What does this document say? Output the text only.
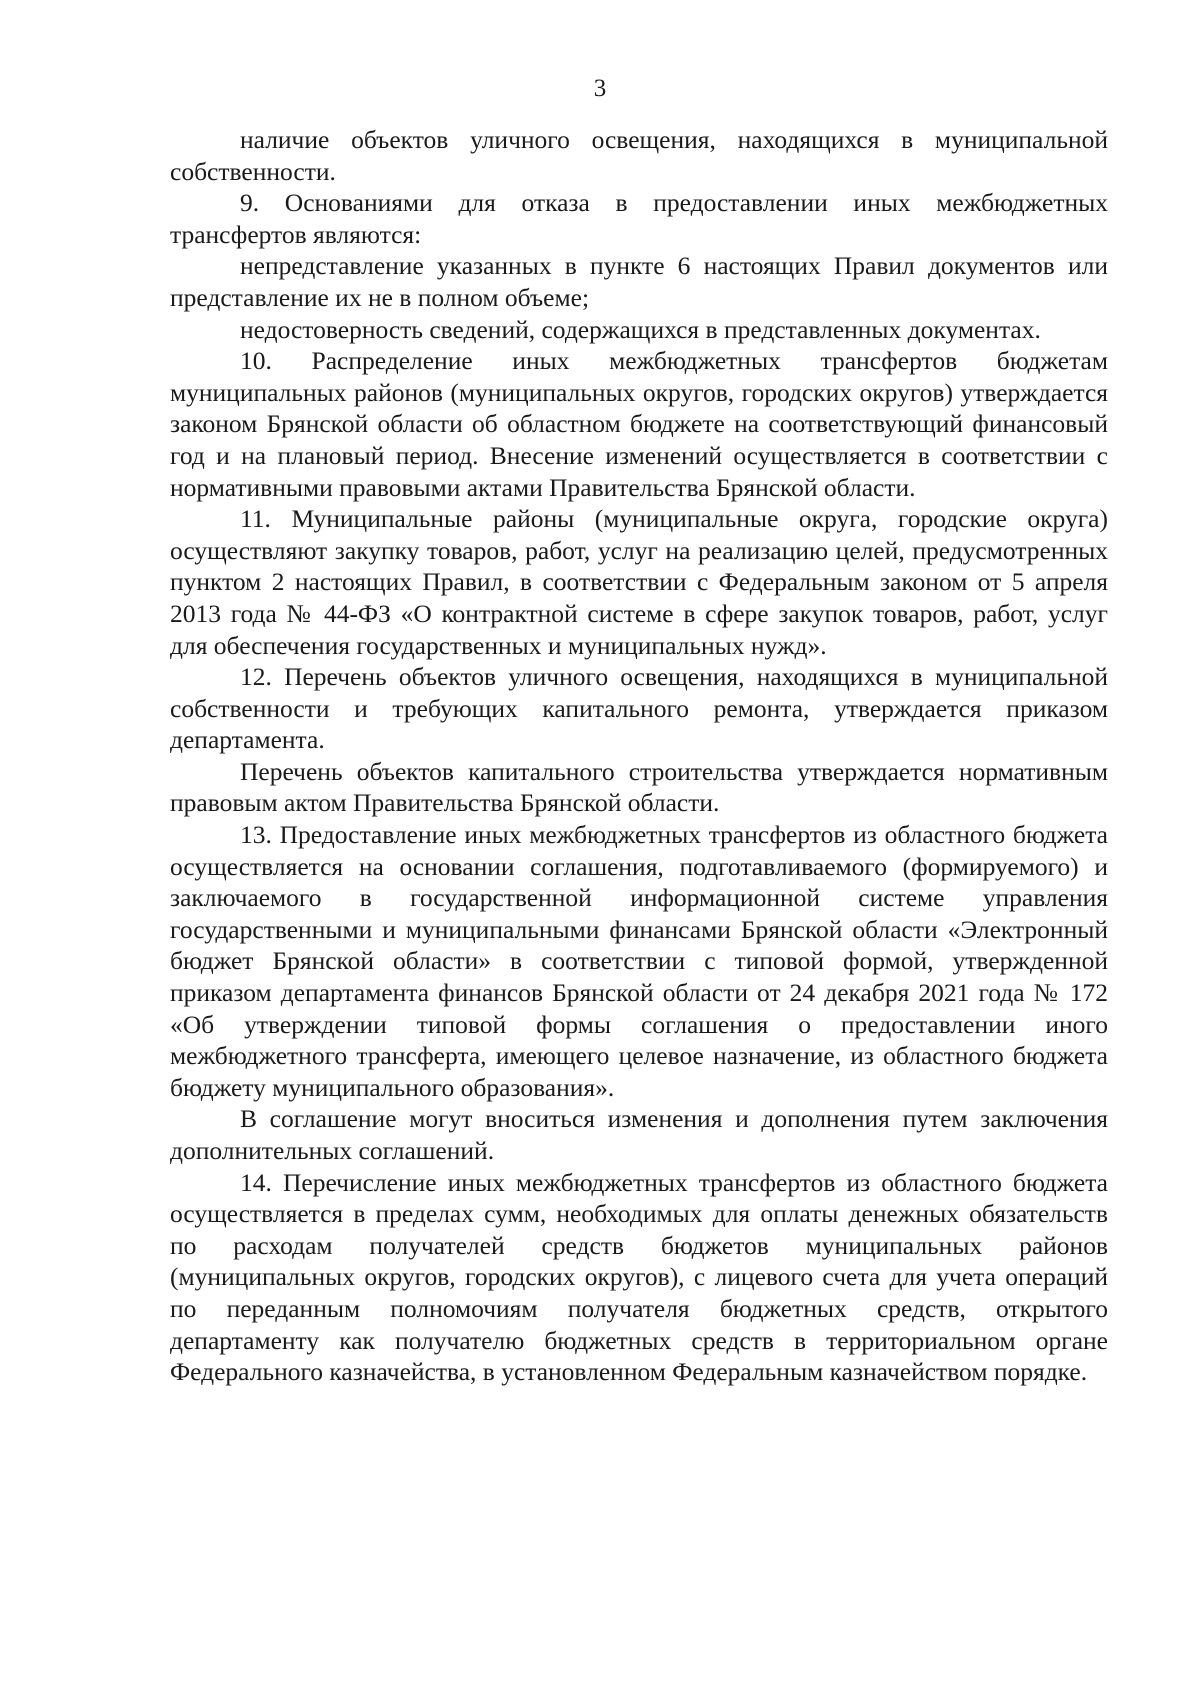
3

наличие объектов уличного освещения, находящихся в муниципальной собственности.

9. Основаниями для отказа в предоставлении иных межбюджетных трансфертов являются:

непредставление указанных в пункте 6 настоящих Правил документов или представление их не в полном объеме;

недостоверность сведений, содержащихся в представленных документах.

10. Распределение иных межбюджетных трансфертов бюджетам муниципальных районов (муниципальных округов, городских округов) утверждается законом Брянской области об областном бюджете на соответствующий финансовый год и на плановый период. Внесение изменений осуществляется в соответствии с нормативными правовыми актами Правительства Брянской области.

11. Муниципальные районы (муниципальные округа, городские округа) осуществляют закупку товаров, работ, услуг на реализацию целей, предусмотренных пунктом 2 настоящих Правил, в соответствии с Федеральным законом от 5 апреля 2013 года № 44-ФЗ «О контрактной системе в сфере закупок товаров, работ, услуг для обеспечения государственных и муниципальных нужд».

12. Перечень объектов уличного освещения, находящихся в муниципальной собственности и требующих капитального ремонта, утверждается приказом департамента.

Перечень объектов капитального строительства утверждается нормативным правовым актом Правительства Брянской области.

13. Предоставление иных межбюджетных трансфертов из областного бюджета осуществляется на основании соглашения, подготавливаемого (формируемого) и заключаемого в государственной информационной системе управления государственными и муниципальными финансами Брянской области «Электронный бюджет Брянской области» в соответствии с типовой формой, утвержденной приказом департамента финансов Брянской области от 24 декабря 2021 года № 172 «Об утверждении типовой формы соглашения о предоставлении иного межбюджетного трансферта, имеющего целевое назначение, из областного бюджета бюджету муниципального образования».

В соглашение могут вноситься изменения и дополнения путем заключения дополнительных соглашений.

14. Перечисление иных межбюджетных трансфертов из областного бюджета осуществляется в пределах сумм, необходимых для оплаты денежных обязательств по расходам получателей средств бюджетов муниципальных районов (муниципальных округов, городских округов), с лицевого счета для учета операций по переданным полномочиям получателя бюджетных средств, открытого департаменту как получателю бюджетных средств в территориальном органе Федерального казначейства, в установленном Федеральным казначейством порядке.
